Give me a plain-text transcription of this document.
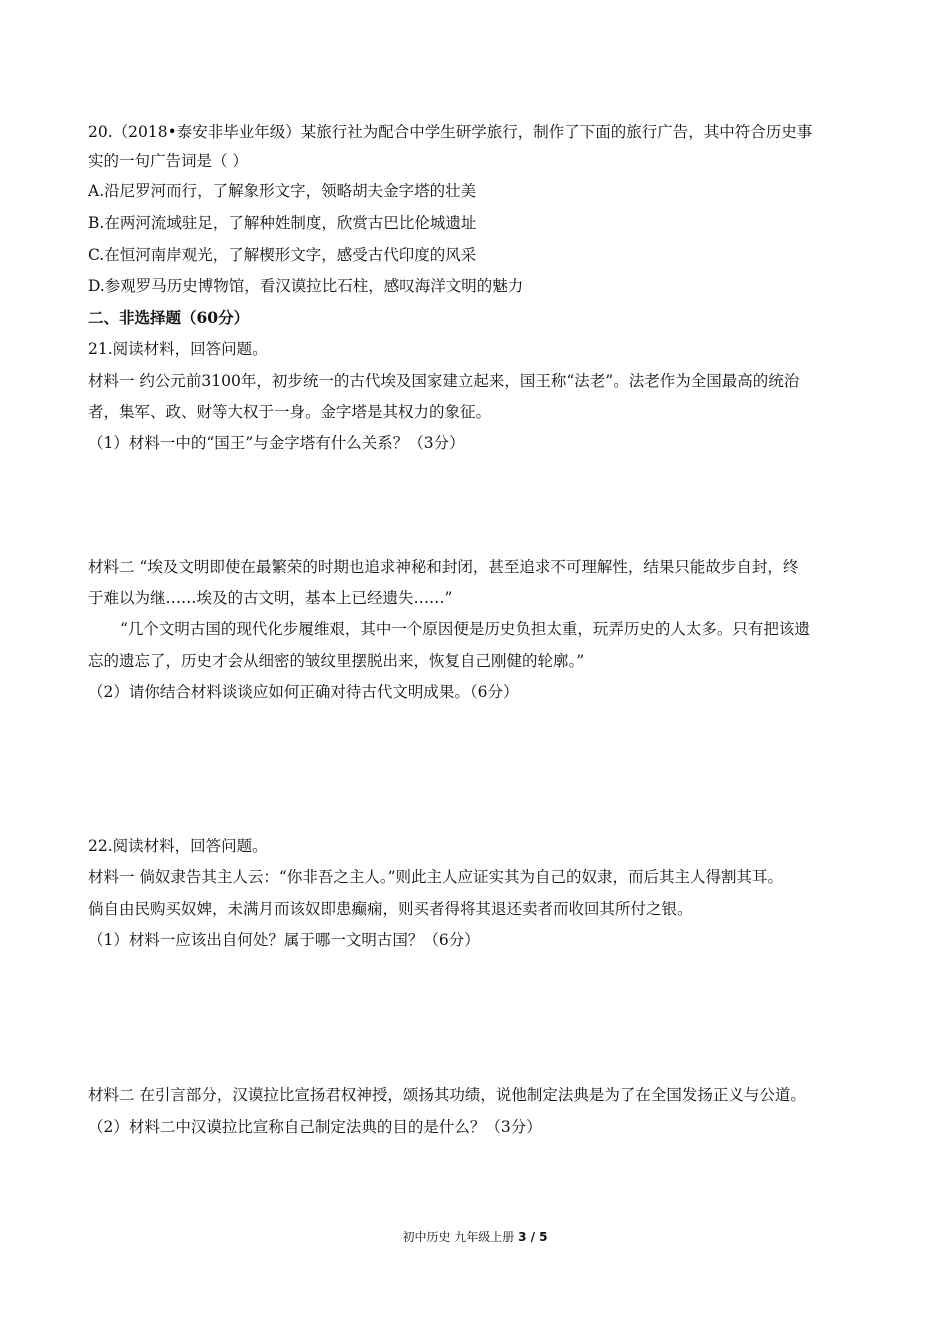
20.（2018•泰安非毕业年级）某旅行社为配合中学生研学旅行，制作了下面的旅行广告，其中符合历史事
实的一句广告词是（ ）
A.沿尼罗河而行，了解象形文字，领略胡夫金字塔的壮美
B.在两河流域驻足，了解种姓制度，欣赏古巴比伦城遗址
C.在恒河南岸观光，了解楔形文字，感受古代印度的风采
D.参观罗马历史博物馆，看汉谟拉比石柱，感叹海洋文明的魅力
二、非选择题（60分）
21.阅读材料，回答问题。
材料一 约公元前3100年，初步统一的古代埃及国家建立起来，国王称“法老”。法老作为全国最高的统治
者，集军、政、财等大权于一身。金字塔是其权力的象征。
（1）材料一中的“国王”与金字塔有什么关系？（3分）
材料二 “埃及文明即使在最繁荣的时期也追求神秘和封闭，甚至追求不可理解性，结果只能故步自封，终
于难以为继……埃及的古文明，基本上已经遗失……”
“几个文明古国的现代化步履维艰，其中一个原因便是历史负担太重，玩弄历史的人太多。只有把该遗
忘的遗忘了，历史才会从细密的皱纹里摆脱出来，恢复自己刚健的轮廓。”
（2）请你结合材料谈谈应如何正确对待古代文明成果。（6分）
22.阅读材料，回答问题。
材料一 倘奴隶告其主人云：“你非吾之主人。”则此主人应证实其为自己的奴隶，而后其主人得割其耳。
倘自由民购买奴婢，未满月而该奴即患癫痫，则买者得将其退还卖者而收回其所付之银。
（1）材料一应该出自何处？属于哪一文明古国？（6分）
材料二 在引言部分，汉谟拉比宣扬君权神授，颂扬其功绩，说他制定法典是为了在全国发扬正义与公道。
（2）材料二中汉谟拉比宣称自己制定法典的目的是什么？（3分）
初中历史 九年级上册 3 / 5
